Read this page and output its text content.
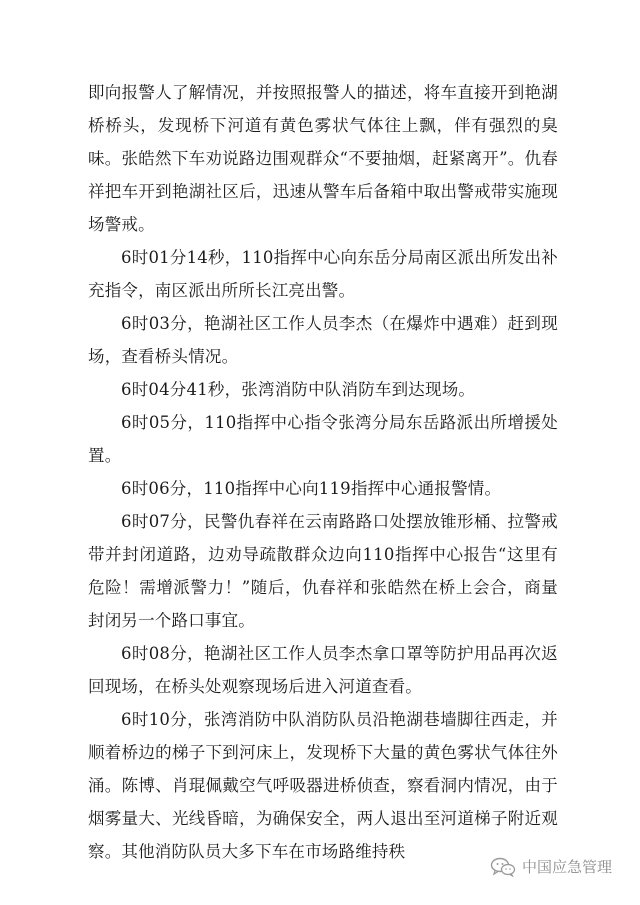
即向报警人了解情况，并按照报警人的描述，将车直接开到艳湖桥桥头，发现桥下河道有黄色雾状气体往上飘，伴有强烈的臭味。张皓然下车劝说路边围观群众“不要抽烟，赶紧离开”。仇春祥把车开到艳湖社区后，迅速从警车后备箱中取出警戒带实施现场警戒。

6时01分14秒，110指挥中心向东岳分局南区派出所发出补充指令，南区派出所所长江亮出警。

6时03分，艳湖社区工作人员李杰（在爆炸中遇难）赶到现场，查看桥头情况。

6时04分41秒，张湾消防中队消防车到达现场。

6时05分，110指挥中心指令张湾分局东岳路派出所增援处置。

6时06分，110指挥中心向119指挥中心通报警情。

6时07分，民警仇春祥在云南路路口处摆放锥形桶、拉警戒带并封闭道路，边劝导疏散群众边向110指挥中心报告“这里有危险！需增派警力！”随后，仇春祥和张皓然在桥上会合，商量封闭另一个路口事宜。

6时08分，艳湖社区工作人员李杰拿口罩等防护用品再次返回现场，在桥头处观察现场后进入河道查看。

6时10分，张湾消防中队消防队员沿艳湖巷墙脚往西走，并顺着桥边的梯子下到河床上，发现桥下大量的黄色雾状气体往外涌。陈博、肖琨佩戴空气呼吸器进桥侦查，察看洞内情况，由于烟雾量大、光线昏暗，为确保安全，两人退出至河道梯子附近观察。其他消防队员大多下车在市场路维持秩

中国应急管理
